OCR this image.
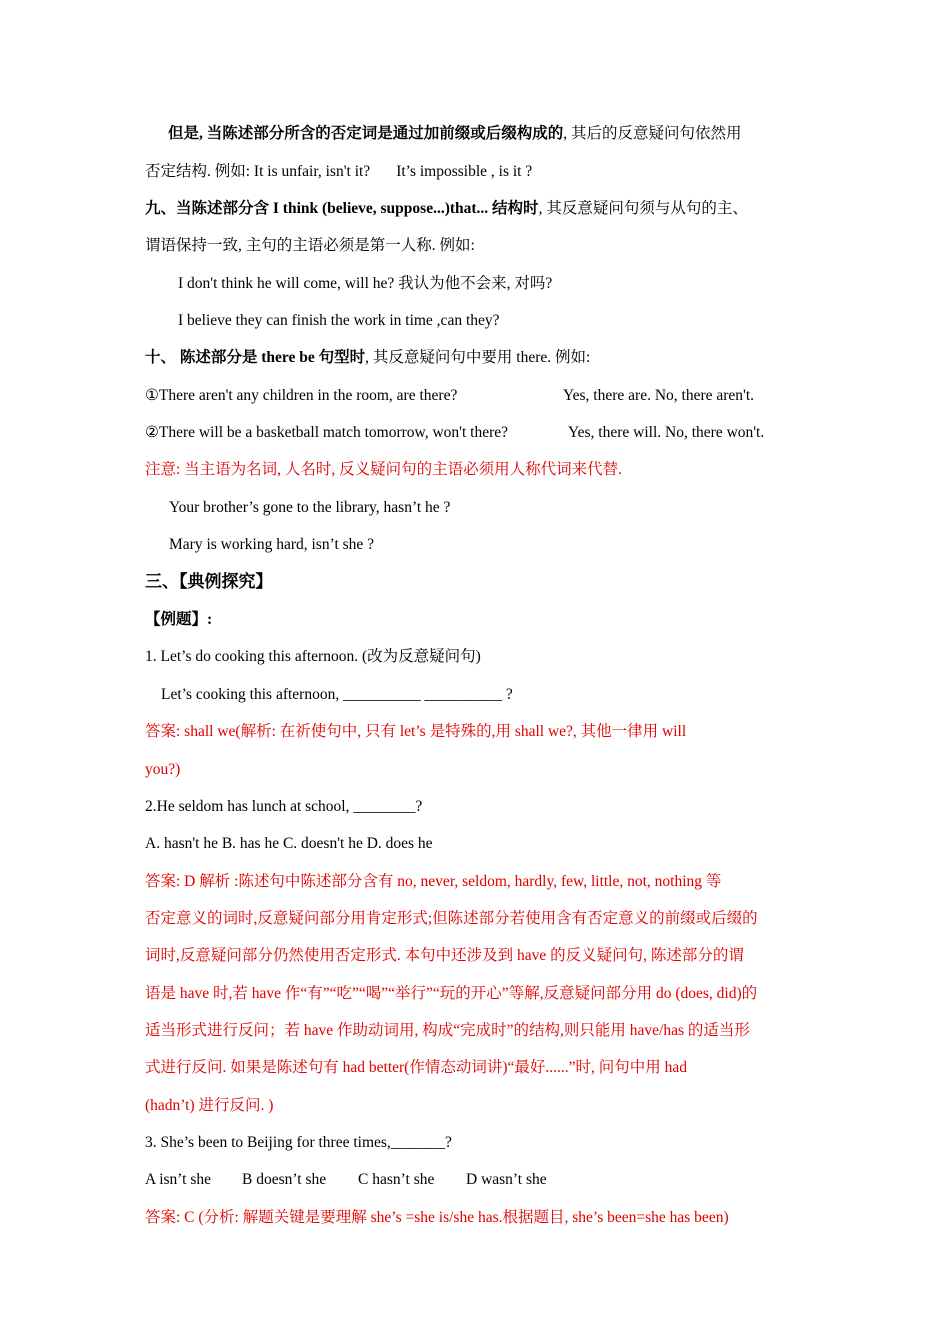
但是, 当陈述部分所含的否定词是通过加前缀或后缀构成的, 其后的反意疑问句依然用
否定结构. 例如: It is unfair, isn't it? It’s impossible , is it ?
九、当陈述部分含 I think (believe, suppose...)that... 结构时, 其反意疑问句须与从句的主、
谓语保持一致, 主句的主语必须是第一人称. 例如:
I don't think he will come, will he? 我认为他不会来, 对吗?
I believe they can finish the work in time ,can they?
十、 陈述部分是 there be 句型时, 其反意疑问句中要用 there. 例如:
①There aren't any children in the room, are there?	Yes, there are. No, there aren't.
②There will be a basketball match tomorrow, won't there?	Yes, there will. No, there won't.
注意: 当主语为名词, 人名时, 反义疑问句的主语必须用人称代词来代替.
Your brother’s gone to the library, hasn’t he ?
Mary is working hard, isn’t she ?
三、【典例探究】
【例题】:
1. Let’s do cooking this afternoon. (改为反意疑问句)
Let’s cooking this afternoon, __________ __________ ?
答案: shall we(解析: 在祈使句中, 只有 let’s 是特殊的,用 shall we?, 其他一律用 will
you?)
2.He seldom has lunch at school, ________?
A. hasn't he B. has he C. doesn't he D. does he
答案: D 解析 :陈述句中陈述部分含有 no, never, seldom, hardly, few, little, not, nothing 等
否定意义的词时,反意疑问部分用肯定形式;但陈述部分若使用含有否定意义的前缀或后缀的
词时,反意疑问部分仍然使用否定形式. 本句中还涉及到 have 的反义疑问句, 陈述部分的谓
语是 have 时,若 have 作“有”“吃”“喝”“举行”“玩的开心”等解,反意疑问部分用 do (does, did)的
适当形式进行反问；若 have 作助动词用, 构成“完成时”的结构,则只能用 have/has 的适当形
式进行反问. 如果是陈述句有 had better(作情态动词讲)“最好......”时, 问句中用 had
(hadn’t) 进行反问. )
3. She’s been to Beijing for three times,_______?
A isn’t she B doesn’t she C hasn’t she D wasn’t she
答案: C (分析: 解题关键是要理解 she’s =she is/she has.根据题目, she’s been=she has been)
